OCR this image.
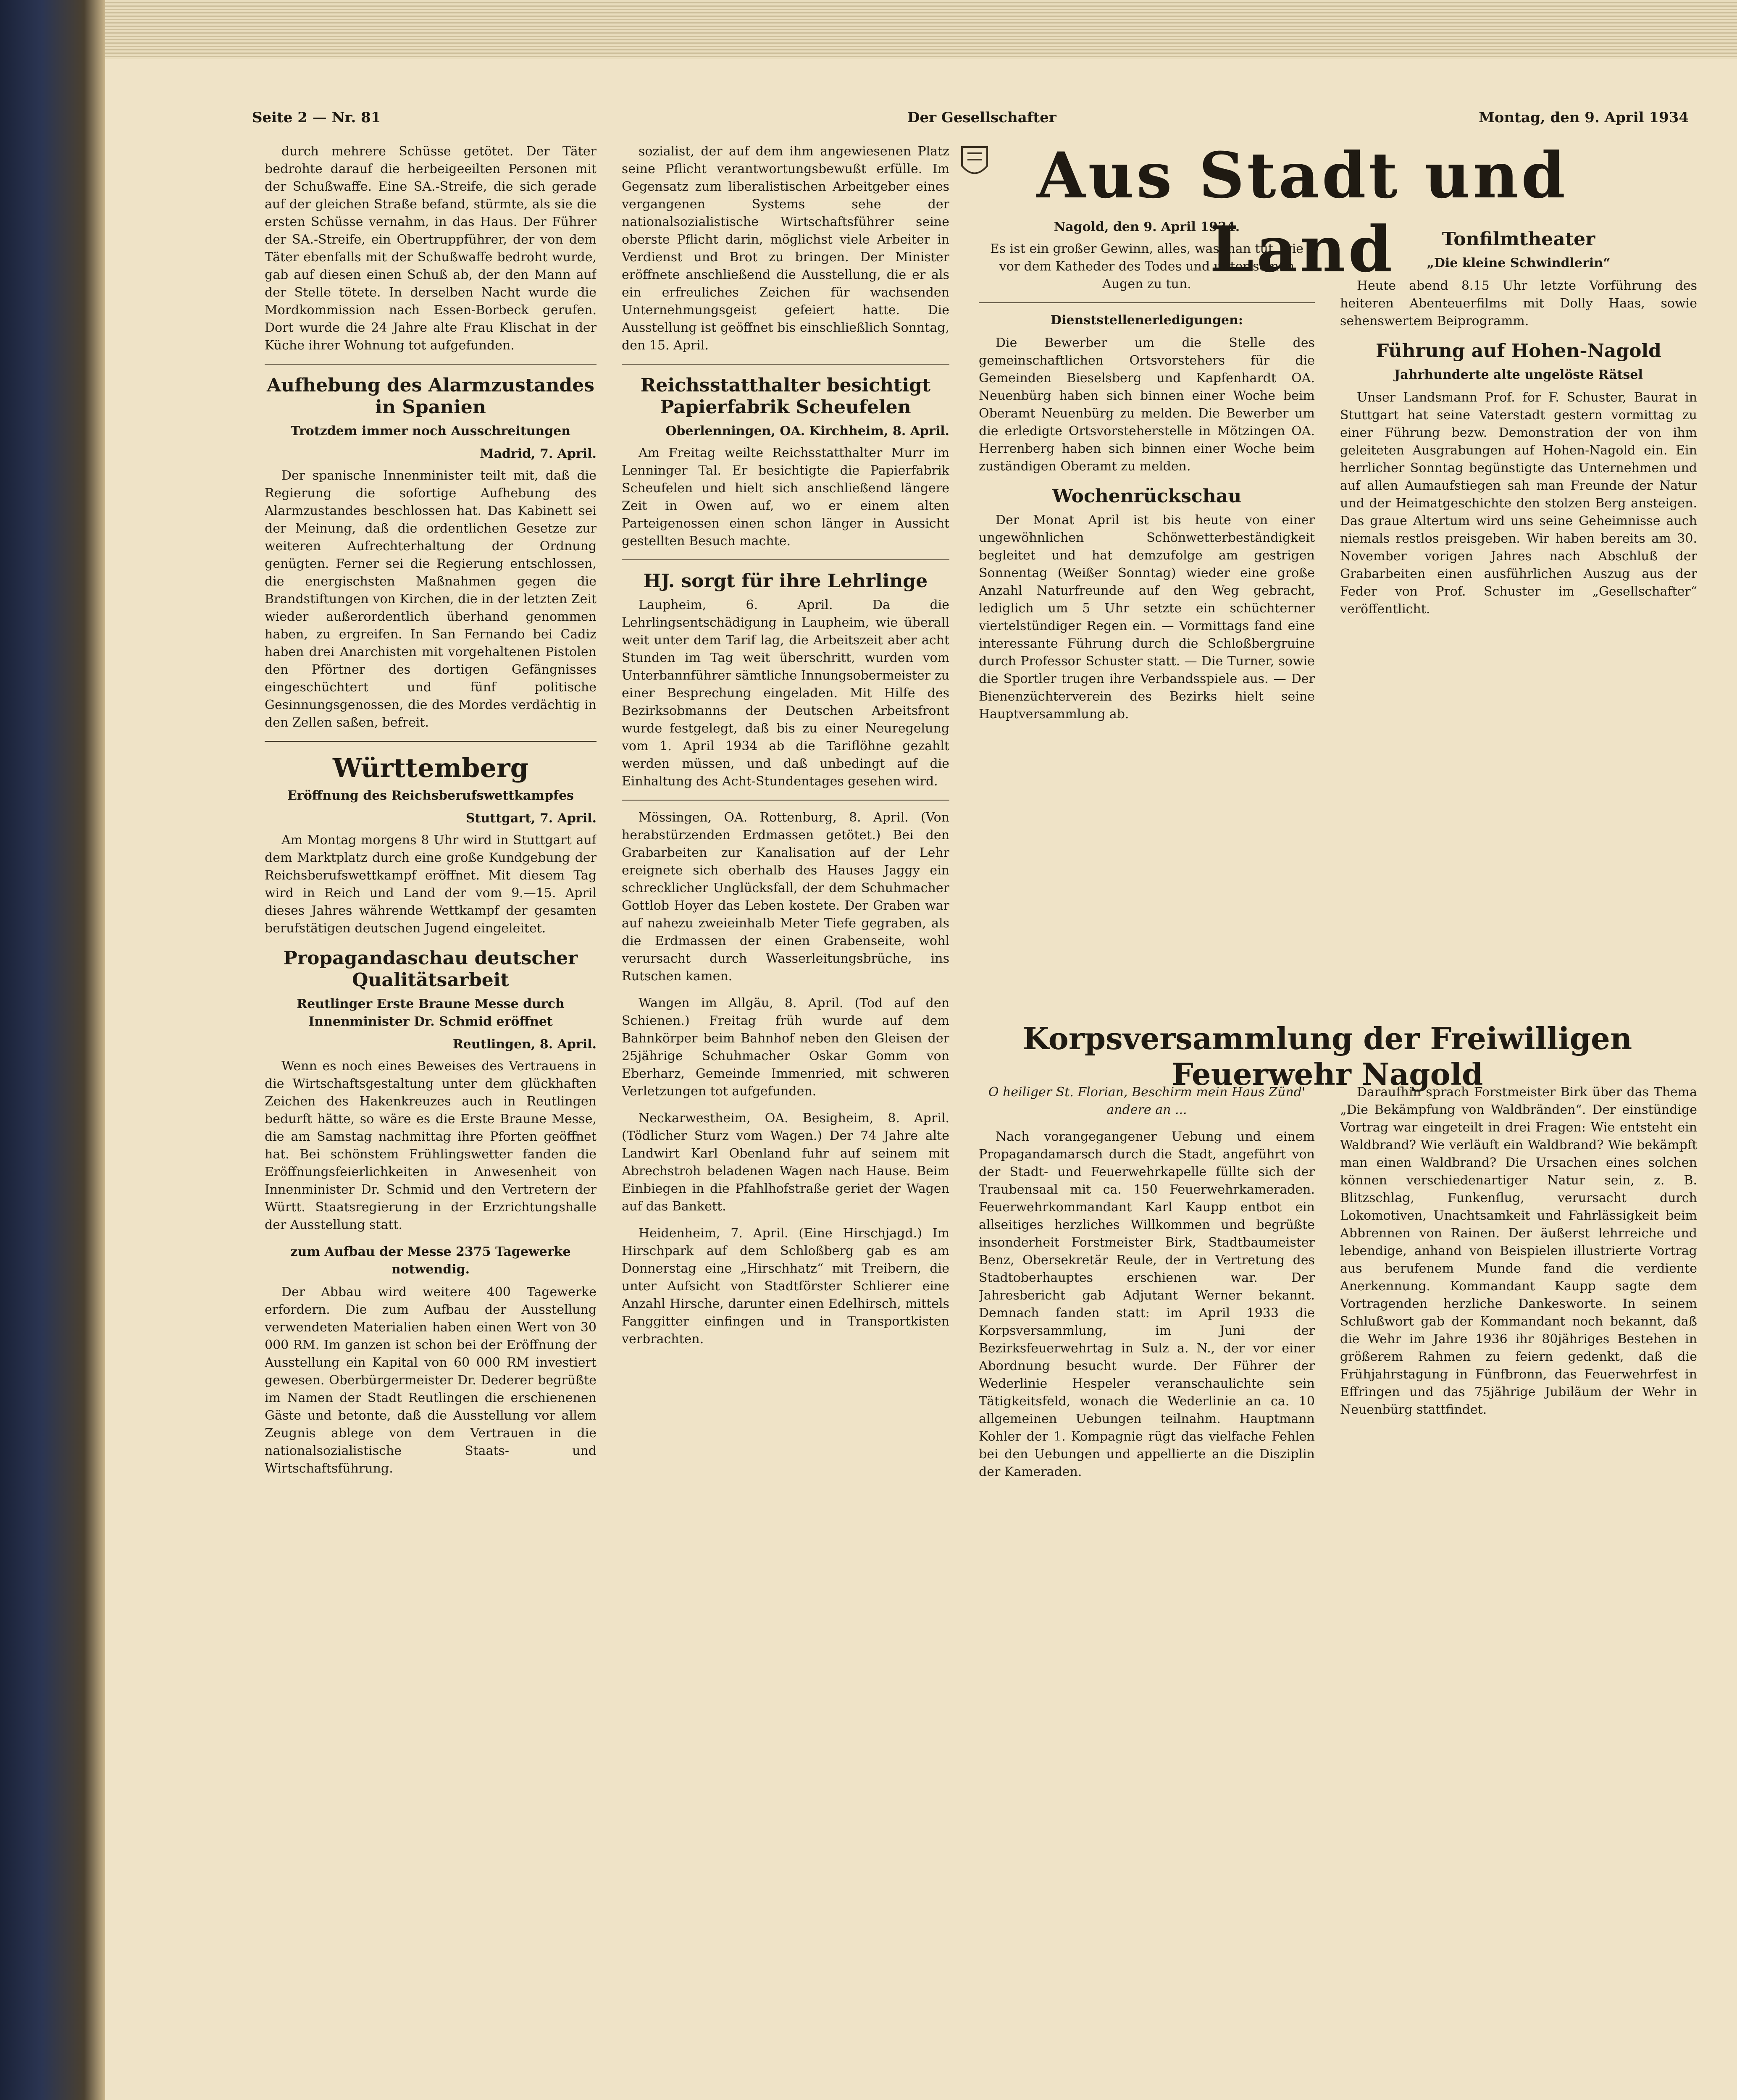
Seite 2 — Nr. 81	Der Gesellschafter	Montag, den 9. April 1934

durch mehrere Schüsse getötet. Der Täter bedrohte darauf die herbeigeeilten Personen mit der Schußwaffe. Eine SA.-Streife, die sich gerade auf der gleichen Straße befand, stürmte, als sie die ersten Schüsse vernahm, in das Haus. Der Führer der SA.-Streife, ein Obertruppführer, der von dem Täter ebenfalls mit der Schußwaffe bedroht wurde, gab auf diesen einen Schuß ab, der den Mann auf der Stelle tötete. In derselben Nacht wurde die Mordkommission nach Essen-Borbeck gerufen. Dort wurde die 24 Jahre alte Frau Klischat in der Küche ihrer Wohnung tot aufgefunden.

Aufhebung des Alarmzustandes in Spanien
Trotzdem immer noch Ausschreitungen
Madrid, 7. April.

Der spanische Innenminister teilt mit, daß die Regierung die sofortige Aufhebung des Alarmzustandes beschlossen hat. Das Kabinett sei der Meinung, daß die ordentlichen Gesetze zur weiteren Aufrechterhaltung der Ordnung genügten. Ferner sei die Regierung entschlossen, die energischsten Maßnahmen gegen die Brandstiftungen von Kirchen, die in der letzten Zeit wieder außerordentlich überhand genommen haben, zu ergreifen. In San Fernando bei Cadiz haben drei Anarchisten mit vorgehaltenen Pistolen den Pförtner des dortigen Gefängnisses eingeschüchtert und fünf politische Gesinnungsgenossen, die des Mordes verdächtig in den Zellen saßen, befreit.

Württemberg
Eröffnung des Reichsberufswettkampfes
Stuttgart, 7. April.

Am Montag morgens 8 Uhr wird in Stuttgart auf dem Marktplatz durch eine große Kundgebung der Reichsberufswettkampf eröffnet. Mit diesem Tag wird in Reich und Land der vom 9.—15. April dieses Jahres währende Wettkampf der gesamten berufstätigen deutschen Jugend eingeleitet.

Propagandaschau deutscher Qualitätsarbeit
Reutlinger Erste Braune Messe durch Innenminister Dr. Schmid eröffnet
Reutlingen, 8. April.

Wenn es noch eines Beweises des Vertrauens in die Wirtschaftsgestaltung unter dem glückhaften Zeichen des Hakenkreuzes auch in Reutlingen bedurft hätte, so wäre es die Erste Braune Messe, die am Samstag nachmittag ihre Pforten geöffnet hat. Bei schönstem Frühlingswetter fanden die Eröffnungsfeierlichkeiten in Anwesenheit von Innenminister Dr. Schmid und den Vertretern der Württ. Staatsregierung in der Erzrichtungshalle der Ausstellung statt.

zum Aufbau der Messe 2375 Tagewerke notwendig.

Der Abbau wird weitere 400 Tagewerke erfordern. Die zum Aufbau der Ausstellung verwendeten Materialien haben einen Wert von 30 000 RM. Im ganzen ist schon bei der Eröffnung der Ausstellung ein Kapital von 60 000 RM investiert gewesen. Oberbürgermeister Dr. Dederer begrüßte im Namen der Stadt Reutlingen die erschienenen Gäste und betonte, daß die Ausstellung vor allem Zeugnis ablege von dem Vertrauen in die nationalsozialistische Staats- und Wirtschaftsführung.

sozialist, der auf dem ihm angewiesenen Platz seine Pflicht verantwortungsbewußt erfülle. Im Gegensatz zum liberalistischen Arbeitgeber eines vergangenen Systems sehe der nationalsozialistische Wirtschaftsführer seine oberste Pflicht darin, möglichst viele Arbeiter in Verdienst und Brot zu bringen. Der Minister eröffnete anschließend die Ausstellung, die er als ein erfreuliches Zeichen für wachsenden Unternehmungsgeist gefeiert hatte. Die Ausstellung ist geöffnet bis einschließlich Sonntag, den 15. April.

Reichsstatthalter besichtigt Papierfabrik Scheufelen
Oberlenningen, OA. Kirchheim, 8. April.

Am Freitag weilte Reichsstatthalter Murr im Lenninger Tal. Er besichtigte die Papierfabrik Scheufelen und hielt sich anschließend längere Zeit in Owen auf, wo er einem alten Parteigenossen einen schon länger in Aussicht gestellten Besuch machte.

HJ. sorgt für ihre Lehrlinge

Laupheim, 6. April. Da die Lehrlingsentschädigung in Laupheim, wie überall weit unter dem Tarif lag, die Arbeitszeit aber acht Stunden im Tag weit überschritt, wurden vom Unterbannführer sämtliche Innungsobermeister zu einer Besprechung eingeladen. Mit Hilfe des Bezirksobmanns der Deutschen Arbeitsfront wurde festgelegt, daß bis zu einer Neuregelung vom 1. April 1934 ab die Tariflöhne gezahlt werden müssen, und daß unbedingt auf die Einhaltung des Acht-Stundentages gesehen wird.

Mössingen, OA. Rottenburg, 8. April. (Von herabstürzenden Erdmassen getötet.) Bei den Grabarbeiten zur Kanalisation auf der Lehr ereignete sich oberhalb des Hauses Jaggy ein schrecklicher Unglücksfall, der dem Schuhmacher Gottlob Hoyer das Leben kostete. Der Graben war auf nahezu zweieinhalb Meter Tiefe gegraben, als die Erdmassen der einen Grabenseite, wohl verursacht durch Wasserleitungsbrüche, ins Rutschen kamen.

Wangen im Allgäu, 8. April. (Tod auf den Schienen.) Freitag früh wurde auf dem Bahnkörper beim Bahnhof neben den Gleisen der 25jährige Schuhmacher Oskar Gomm von Eberharz, Gemeinde Immenried, mit schweren Verletzungen tot aufgefunden.

Neckarwestheim, OA. Besigheim, 8. April. (Tödlicher Sturz vom Wagen.) Der 74 Jahre alte Landwirt Karl Obenland fuhr auf seinem mit Abrechstroh beladenen Wagen nach Hause. Beim Einbiegen in die Pfahlhofstraße geriet der Wagen auf das Bankett.

Heidenheim, 7. April. (Eine Hirschjagd.) Im Hirschpark auf dem Schloßberg gab es am Donnerstag eine „Hirschhatz“ mit Treibern, die unter Aufsicht von Stadtförster Schlierer eine Anzahl Hirsche, darunter einen Edelhirsch, mittels Fanggitter einfingen und in Transportkisten verbrachten.

Aus Stadt und Land
Nagold, den 9. April 1934.

Es ist ein großer Gewinn, alles, was man tut, wie vor dem Katheder des Todes und unter seinen Augen zu tun.

Dienststellenerledigungen:

Die Bewerber um die Stelle des gemeinschaftlichen Ortsvorstehers für die Gemeinden Bieselsberg und Kapfenhardt OA. Neuenbürg haben sich binnen einer Woche beim Oberamt Neuenbürg zu melden. Die Bewerber um die erledigte Ortsvorsteherstelle in Mötzingen OA. Herrenberg haben sich binnen einer Woche beim zuständigen Oberamt zu melden.

Wochenrückschau

Der Monat April ist bis heute von einer ungewöhnlichen Schönwetterbeständigkeit begleitet und hat demzufolge am gestrigen Sonnentag (Weißer Sonntag) wieder eine große Anzahl Naturfreunde auf den Weg gebracht, lediglich um 5 Uhr setzte ein schüchterner viertelstündiger Regen ein. — Vormittags fand eine interessante Führung durch die Schloßbergruine durch Professor Schuster statt. — Die Turner, sowie die Sportler trugen ihre Verbandsspiele aus. — Der Bienenzüchterverein des Bezirks hielt seine Hauptversammlung ab.

Tonfilmtheater
„Die kleine Schwindlerin“

Heute abend 8.15 Uhr letzte Vorführung des heiteren Abenteuerfilms mit Dolly Haas, sowie sehenswertem Beiprogramm.

Führung auf Hohen-Nagold
Jahrhunderte alte ungelöste Rätsel

Unser Landsmann Prof. for F. Schuster, Baurat in Stuttgart hat seine Vaterstadt gestern vormittag zu einer Führung bezw. Demonstration der von ihm geleiteten Ausgrabungen auf Hohen-Nagold ein. Ein herrlicher Sonntag begünstigte das Unternehmen und auf allen Aumaufstiegen sah man Freunde der Natur und der Heimatgeschichte den stolzen Berg ansteigen. Das graue Altertum wird uns seine Geheimnisse auch niemals restlos preisgeben. Wir haben bereits am 30. November vorigen Jahres nach Abschluß der Grabarbeiten einen ausführlichen Auszug aus der Feder von Prof. Schuster im „Gesellschafter“ veröffentlicht.

Korpsversammlung der Freiwilligen Feuerwehr Nagold

O heiliger St. Florian, Beschirm mein Haus Zünd' andere an ...

Nach vorangegangener Uebung und einem Propagandamarsch durch die Stadt, angeführt von der Stadt- und Feuerwehrkapelle füllte sich der Traubensaal mit ca. 150 Feuerwehrkameraden. Feuerwehrkommandant Karl Kaupp entbot ein allseitiges herzliches Willkommen und begrüßte insonderheit Forstmeister Birk, Stadtbaumeister Benz, Obersekretär Reule, der in Vertretung des Stadtoberhauptes erschienen war. Der Jahresbericht gab Adjutant Werner bekannt. Demnach fanden statt: im April 1933 die Korpsversammlung, im Juni der Bezirksfeuerwehrtag in Sulz a. N., der vor einer Abordnung besucht wurde. Der Führer der Wederlinie Hespeler veranschaulichte sein Tätigkeitsfeld, wonach die Wederlinie an ca. 10 allgemeinen Uebungen teilnahm. Hauptmann Kohler der 1. Kompagnie rügt das vielfache Fehlen bei den Uebungen und appellierte an die Disziplin der Kameraden.

Daraufhin sprach Forstmeister Birk über das Thema „Die Bekämpfung von Waldbränden“. Der einstündige Vortrag war eingeteilt in drei Fragen: Wie entsteht ein Waldbrand? Wie verläuft ein Waldbrand? Wie bekämpft man einen Waldbrand? Die Ursachen eines solchen können verschiedenartiger Natur sein, z. B. Blitzschlag, Funkenflug, verursacht durch Lokomotiven, Unachtsamkeit und Fahrlässigkeit beim Abbrennen von Rainen. Der äußerst lehrreiche und lebendige, anhand von Beispielen illustrierte Vortrag aus berufenem Munde fand die verdiente Anerkennung. Kommandant Kaupp sagte dem Vortragenden herzliche Dankesworte. In seinem Schlußwort gab der Kommandant noch bekannt, daß die Wehr im Jahre 1936 ihr 80jähriges Bestehen in größerem Rahmen zu feiern gedenkt, daß die Frühjahrstagung in Fünfbronn, das Feuerwehrfest in Effringen und das 75jährige Jubiläum der Wehr in Neuenbürg stattfindet.
